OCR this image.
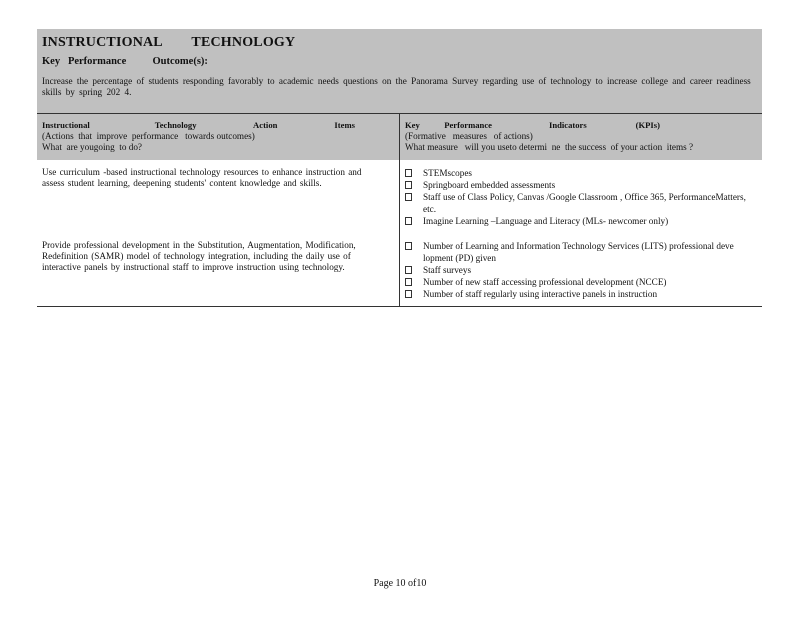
INSTRUCTIONAL        TECHNOLOGY
Key   Performance          Outcome(s):
Increase the percentage of students responding favorably to academic needs questions on the Panorama Survey regarding use of technology to increase college and career readiness skills by spring 202 4.
Instructional        Technology       Action       Items
(Actions  that  improve  performance   towards outcomes)
What  are yougoing  to do?
Key   Performance       Indicators      (KPIs)
(Formative   measures   of actions)
What measure   will you useto determi  ne  the success  of your action  items ?
Use curriculum -based instructional technology resources to enhance instruction and assess student learning, deepening students' content knowledge and skills.
Provide professional development in the Substitution, Augmentation, Modification, Redefinition (SAMR) model of technology integration, including the daily use of interactive panels by instructional staff to improve instruction using technology.
STEMscopes
Springboard embedded assessments
Staff use of Class Policy, Canvas /Google Classroom , Office 365, PerformanceMatters, etc.
Imagine Learning –Language and Literacy (MLs- newcomer only)
Number of Learning and Information Technology Services (LITS) professional deve lopment (PD) given
Staff surveys
Number of new staff accessing professional development (NCCE)
Number of staff regularly using interactive panels in instruction
Page 10 of10
